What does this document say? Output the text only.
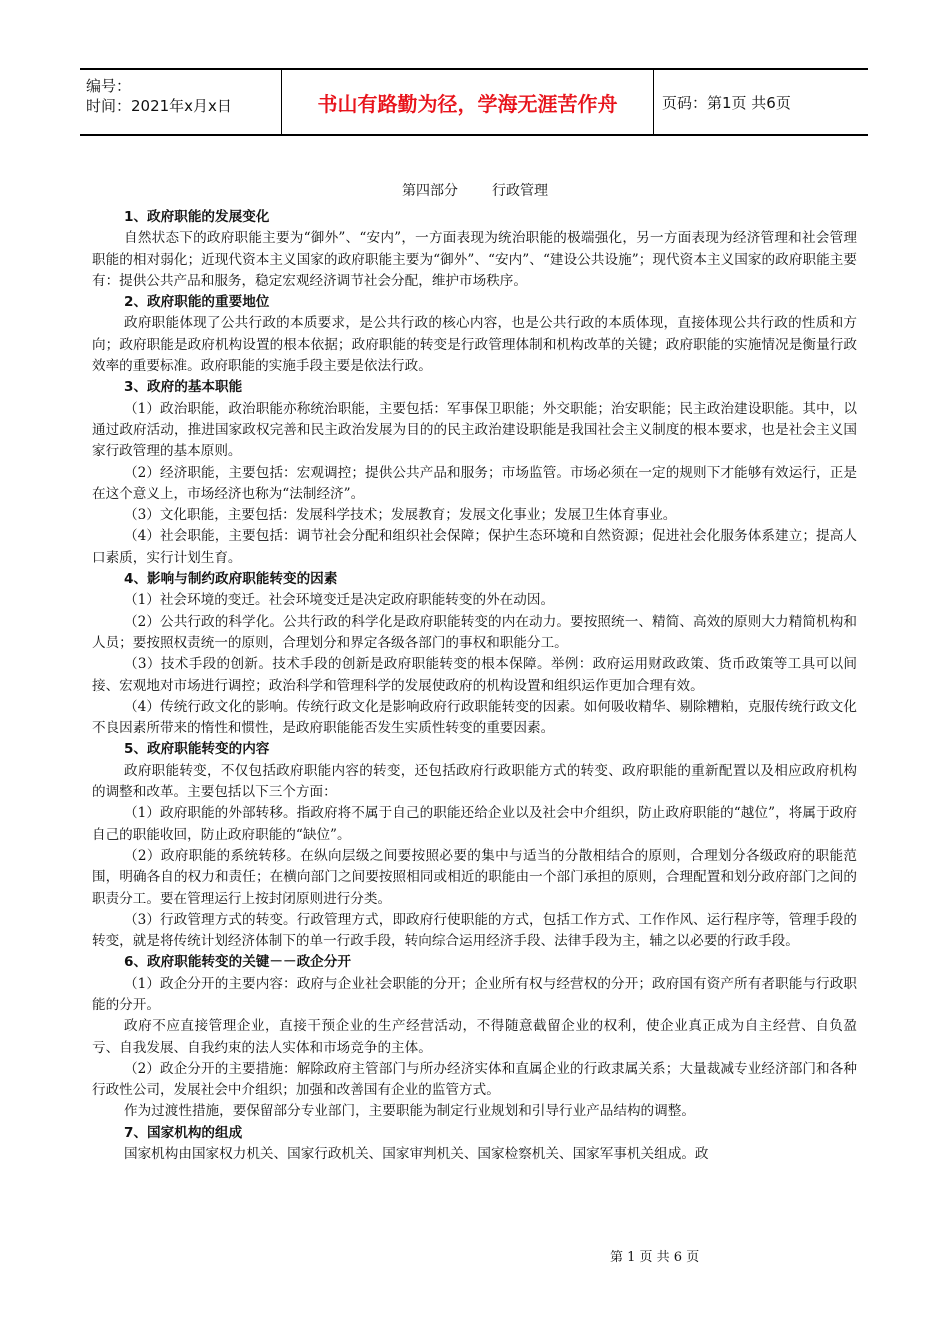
编号：
时间：2021年x月x日	书山有路勤为径，学海无涯苦作舟	页码：第1页 共6页
第四部分 行政管理
1、政府职能的发展变化
自然状态下的政府职能主要为“御外”、“安内”，一方面表现为统治职能的极端强化，另一方面表现为经济管理和社会管理职能的相对弱化；近现代资本主义国家的政府职能主要为“御外”、“安内”、“建设公共设施”；现代资本主义国家的政府职能主要有：提供公共产品和服务，稳定宏观经济调节社会分配，维护市场秩序。
2、政府职能的重要地位
政府职能体现了公共行政的本质要求，是公共行政的核心内容，也是公共行政的本质体现，直接体现公共行政的性质和方向；政府职能是政府机构设置的根本依据；政府职能的转变是行政管理体制和机构改革的关键；政府职能的实施情况是衡量行政效率的重要标准。政府职能的实施手段主要是依法行政。
3、政府的基本职能
（1）政治职能，政治职能亦称统治职能，主要包括：军事保卫职能；外交职能；治安职能；民主政治建设职能。其中，以通过政府活动，推进国家政权完善和民主政治发展为目的的民主政治建设职能是我国社会主义制度的根本要求，也是社会主义国家行政管理的基本原则。
（2）经济职能，主要包括：宏观调控；提供公共产品和服务；市场监管。市场必须在一定的规则下才能够有效运行，正是在这个意义上，市场经济也称为“法制经济”。
（3）文化职能，主要包括：发展科学技术；发展教育；发展文化事业；发展卫生体育事业。
（4）社会职能，主要包括：调节社会分配和组织社会保障；保护生态环境和自然资源；促进社会化服务体系建立；提高人口素质，实行计划生育。
4、影响与制约政府职能转变的因素
（1）社会环境的变迁。社会环境变迁是决定政府职能转变的外在动因。
（2）公共行政的科学化。公共行政的科学化是政府职能转变的内在动力。要按照统一、精简、高效的原则大力精简机构和人员；要按照权责统一的原则，合理划分和界定各级各部门的事权和职能分工。
（3）技术手段的创新。技术手段的创新是政府职能转变的根本保障。举例：政府运用财政政策、货币政策等工具可以间接、宏观地对市场进行调控；政治科学和管理科学的发展使政府的机构设置和组织运作更加合理有效。
（4）传统行政文化的影响。传统行政文化是影响政府行政职能转变的因素。如何吸收精华、剔除糟粕，克服传统行政文化不良因素所带来的惰性和惯性，是政府职能能否发生实质性转变的重要因素。
5、政府职能转变的内容
政府职能转变，不仅包括政府职能内容的转变，还包括政府行政职能方式的转变、政府职能的重新配置以及相应政府机构的调整和改革。主要包括以下三个方面：
（1）政府职能的外部转移。指政府将不属于自己的职能还给企业以及社会中介组织，防止政府职能的“越位”，将属于政府自己的职能收回，防止政府职能的“缺位”。
（2）政府职能的系统转移。在纵向层级之间要按照必要的集中与适当的分散相结合的原则，合理划分各级政府的职能范围，明确各自的权力和责任；在横向部门之间要按照相同或相近的职能由一个部门承担的原则，合理配置和划分政府部门之间的职责分工。要在管理运行上按封闭原则进行分类。
（3）行政管理方式的转变。行政管理方式，即政府行使职能的方式，包括工作方式、工作作风、运行程序等，管理手段的转变，就是将传统计划经济体制下的单一行政手段，转向综合运用经济手段、法律手段为主，辅之以必要的行政手段。
6、政府职能转变的关键－－政企分开
（1）政企分开的主要内容：政府与企业社会职能的分开；企业所有权与经营权的分开；政府国有资产所有者职能与行政职能的分开。
政府不应直接管理企业，直接干预企业的生产经营活动，不得随意截留企业的权利，使企业真正成为自主经营、自负盈亏、自我发展、自我约束的法人实体和市场竞争的主体。
（2）政企分开的主要措施：解除政府主管部门与所办经济实体和直属企业的行政隶属关系；大量裁减专业经济部门和各种行政性公司，发展社会中介组织；加强和改善国有企业的监管方式。
作为过渡性措施，要保留部分专业部门，主要职能为制定行业规划和引导行业产品结构的调整。
7、国家机构的组成
国家机构由国家权力机关、国家行政机关、国家审判机关、国家检察机关、国家军事机关组成。政
第 1 页 共 6 页
